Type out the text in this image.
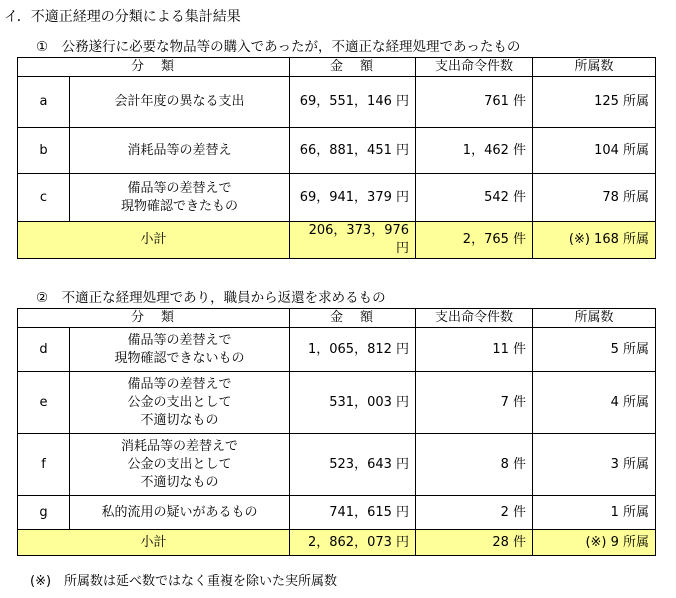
イ．不適正経理の分類による集計結果
①　公務遂行に必要な物品等の購入であったが，不適正な経理処理であったもの
分　類		金　額	支出命令件数	所属数
a	会計年度の異なる支出	69，551，146 円	761 件	125 所属
b	消耗品等の差替え	66，881，451 円	1，462 件	104 所属
c	備品等の差替えで
現物確認できたもの	69，941，379 円	542 件	78 所属
小計		206，373，976 円	2，765 件	(※) 168 所属
②　不適正な経理処理であり，職員から返還を求めるもの
分　類		金　額	支出命令件数	所属数
d	備品等の差替えで
現物確認できないもの	1，065，812 円	11 件	5 所属
e	備品等の差替えで
公金の支出として
不適切なもの	531，003 円	7 件	4 所属
f	消耗品等の差替えで
公金の支出として
不適切なもの	523，643 円	8 件	3 所属
g	私的流用の疑いがあるもの	741，615 円	2 件	1 所属
小計		2，862，073 円	28 件	(※) 9 所属
(※)　所属数は延べ数ではなく重複を除いた実所属数
